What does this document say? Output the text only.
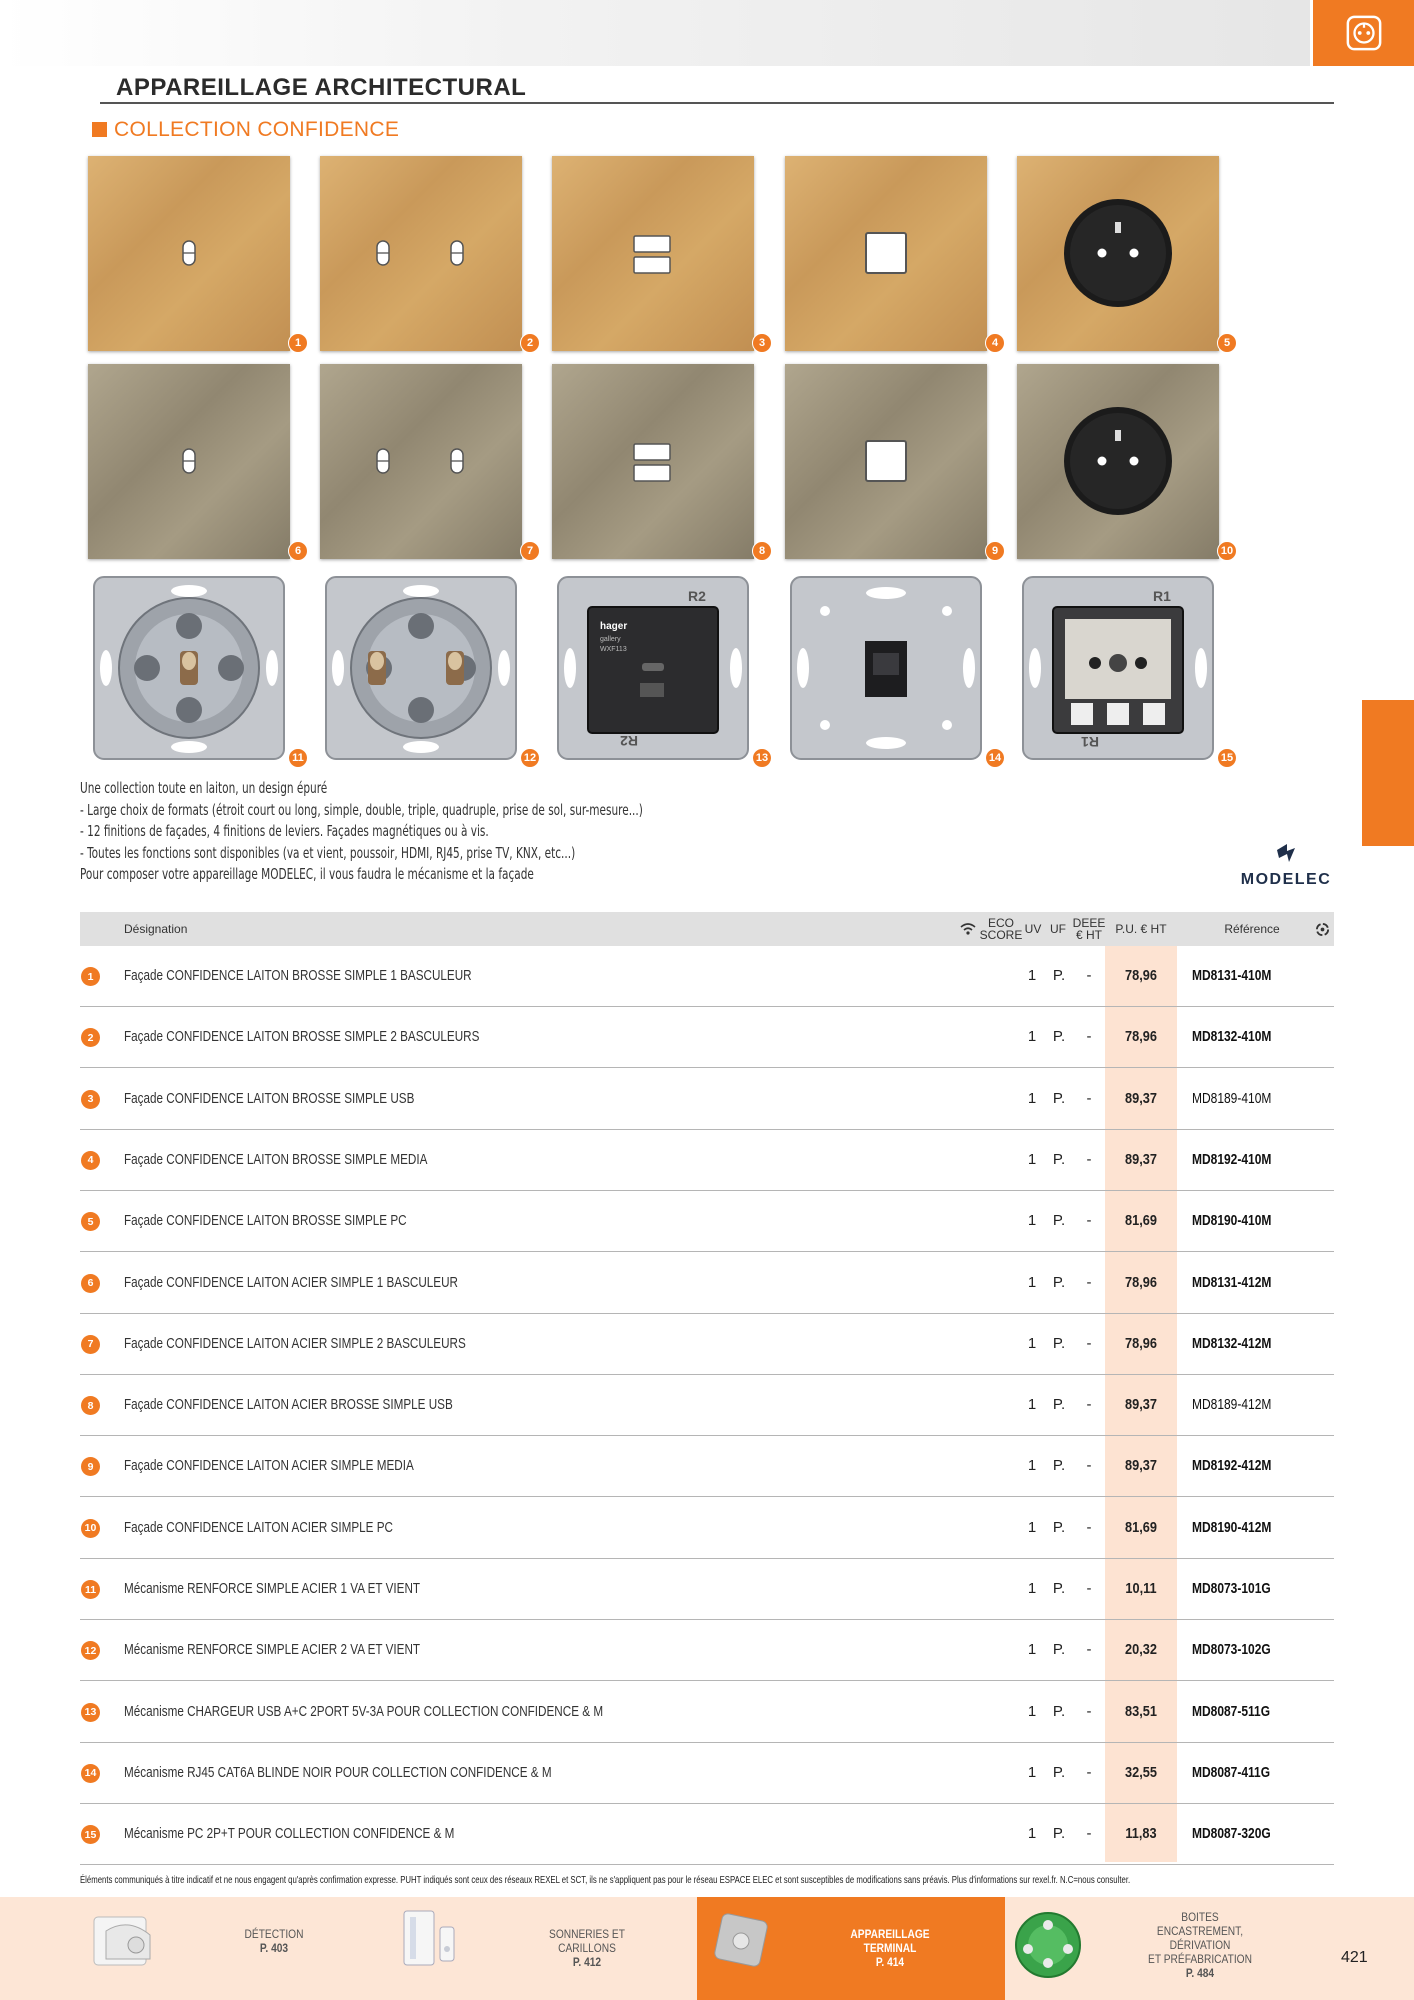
APPAREILLAGE ARCHITECTURAL
COLLECTION CONFIDENCE
1	2	3	4	5
6	7	8	9	10
11	12
R2
R2
hager
gallery
WXF113
13	14
R1
R1
15
Une collection toute en laiton, un design épuré
- Large choix de formats (étroit court ou long, simple, double, triple, quadruple, prise de sol, sur-mesure...)
- 12 finitions de façades, 4 finitions de leviers. Façades magnétiques ou à vis.
- Toutes les fonctions sont disponibles (va et vient, poussoir, HDMI, RJ45, prise TV, KNX, etc...)
Pour composer votre appareillage MODELEC, il vous faudra le mécanisme et la façade	MODELEC
Désignation	ECO
SCORE UV UF DEEE
€ HT	P.U. € HT	Référence
1	Façade CONFIDENCE LAITON BROSSE SIMPLE 1 BASCULEUR	1	P.	-	78,96	MD8131-410M
2	Façade CONFIDENCE LAITON BROSSE SIMPLE 2 BASCULEURS	1	P.	-	78,96	MD8132-410M
3	Façade CONFIDENCE LAITON BROSSE SIMPLE USB	1	P.	-	89,37	MD8189-410M
4	Façade CONFIDENCE LAITON BROSSE SIMPLE MEDIA	1	P.	-	89,37	MD8192-410M
5	Façade CONFIDENCE LAITON BROSSE SIMPLE PC	1	P.	-	81,69	MD8190-410M
6	Façade CONFIDENCE LAITON ACIER SIMPLE 1 BASCULEUR	1	P.	-	78,96	MD8131-412M
7	Façade CONFIDENCE LAITON ACIER SIMPLE 2 BASCULEURS	1	P.	-	78,96	MD8132-412M
8	Façade CONFIDENCE LAITON ACIER BROSSE SIMPLE USB	1	P.	-	89,37	MD8189-412M
9	Façade CONFIDENCE LAITON ACIER SIMPLE MEDIA	1	P.	-	89,37	MD8192-412M
10 Façade CONFIDENCE LAITON ACIER SIMPLE PC	1	P.	-	81,69	MD8190-412M
11 Mécanisme RENFORCE SIMPLE ACIER 1 VA ET VIENT	1	P.	-	10,11	MD8073-101G
12 Mécanisme RENFORCE SIMPLE ACIER 2 VA ET VIENT	1	P.	-	20,32	MD8073-102G
13 Mécanisme CHARGEUR USB A+C 2PORT 5V-3A POUR COLLECTION CONFIDENCE & M	1	P.	-	83,51	MD8087-511G
14 Mécanisme RJ45 CAT6A BLINDE NOIR POUR COLLECTION CONFIDENCE & M	1	P.	-	32,55	MD8087-411G
15 Mécanisme PC 2P+T POUR COLLECTION CONFIDENCE & M	1	P.	-	11,83	MD8087-320G
Éléments communiqués à titre indicatif et ne nous engagent qu'après confirmation expresse. PUHT indiqués sont ceux des réseaux REXEL et SCT, ils ne s'appliquent pas pour le réseau ESPACE ELEC et sont susceptibles de modifications sans préavis. Plus d'informations sur rexel.fr. N.C=nous consulter.
DÉTECTION
P. 403
SONNERIES ET CARILLONS
P. 412
APPAREILLAGE TERMINAL
P. 414
BOITES ENCASTREMENT,
DÉRIVATION
ET PRÉFABRICATION
P. 484
421
